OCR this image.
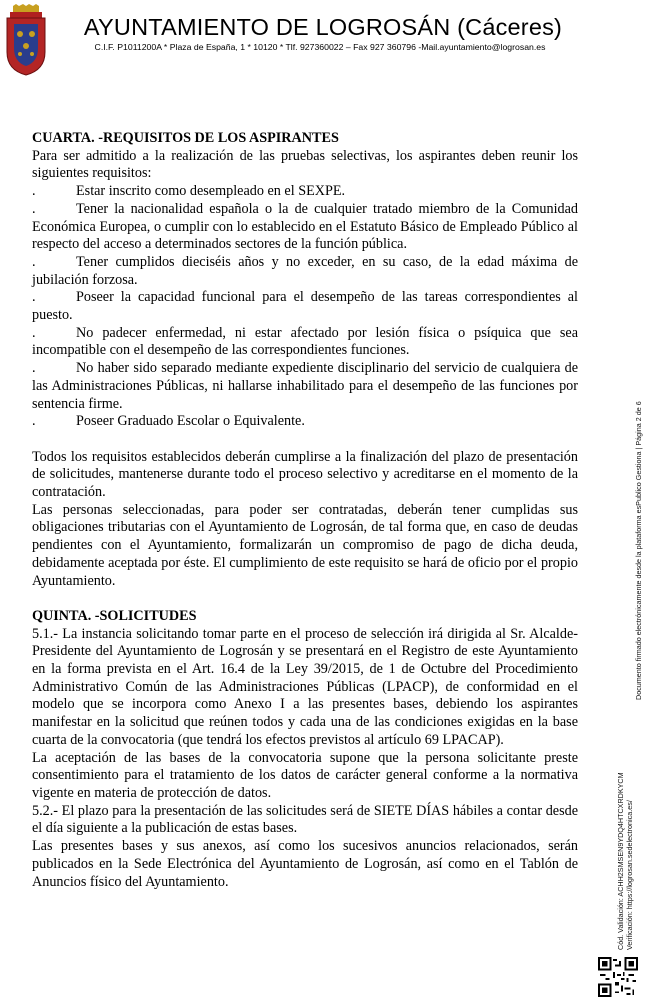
AYUNTAMIENTO DE LOGROSÁN (Cáceres)
C.I.F. P1011200A * Plaza de España, 1 * 10120 * Tlf. 927360022 – Fax 927 360796 -Mail.ayuntamiento@logrosan.es

CUARTA. -REQUISITOS DE LOS ASPIRANTES

Para ser admitido a la realización de las pruebas selectivas, los aspirantes deben reunir los siguientes requisitos:

.	Estar inscrito como desempleado en el SEXPE.

.	Tener la nacionalidad española o la de cualquier tratado miembro de la Comunidad Económica Europea, o cumplir con lo establecido en el Estatuto Básico de Empleado Público al respecto del acceso a determinados sectores de la función pública.

.	Tener cumplidos dieciséis años y no exceder, en su caso, de la edad máxima de jubilación forzosa.

.	Poseer la capacidad funcional para el desempeño de las tareas correspondientes al puesto.

.	No padecer enfermedad, ni estar afectado por lesión física o psíquica que sea incompatible con el desempeño de las correspondientes funciones.

.	No haber sido separado mediante expediente disciplinario del servicio de cualquiera de las Administraciones Públicas, ni hallarse inhabilitado para el desempeño de las funciones por sentencia firme.

.	Poseer Graduado Escolar o Equivalente.

Todos los requisitos establecidos deberán cumplirse a la finalización del plazo de presentación de solicitudes, mantenerse durante todo el proceso selectivo y acreditarse en el momento de la contratación.

Las personas seleccionadas, para poder ser contratadas, deberán tener cumplidas sus obligaciones tributarias con el Ayuntamiento de Logrosán, de tal forma que, en caso de deudas pendientes con el Ayuntamiento, formalizarán un compromiso de pago de dicha deuda, debidamente aceptada por éste. El cumplimiento de este requisito se hará de oficio por el propio Ayuntamiento.

QUINTA. -SOLICITUDES

5.1.- La instancia solicitando tomar parte en el proceso de selección irá dirigida al Sr. Alcalde-Presidente del Ayuntamiento de Logrosán y se presentará en el Registro de este Ayuntamiento en la forma prevista en el Art. 16.4 de la Ley 39/2015, de 1 de Octubre del Procedimiento Administrativo Común de las Administraciones Públicas (LPACP), de conformidad en el modelo que se incorpora como Anexo I a las presentes bases, debiendo los aspirantes manifestar en la solicitud que reúnen todos y cada una de las condiciones exigidas en la base cuarta de la convocatoria (que tendrá los efectos previstos al artículo 69 LPACAP).

La aceptación de las bases de la convocatoria supone que la persona solicitante preste consentimiento para el tratamiento de los datos de carácter general conforme a la normativa vigente en materia de protección de datos.

5.2.- El plazo para la presentación de las solicitudes será de SIETE DÍAS hábiles a contar desde el día siguiente a la publicación de estas bases.

Las presentes bases y sus anexos, así como los sucesivos anuncios relacionados, serán publicados en la Sede Electrónica del Ayuntamiento de Logrosán, así como en el Tablón de Anuncios físico del Ayuntamiento.	Cód. Validación: ACHH2SMSEN9YDQ4HTCXRDKYCM Verificación: https://logrosan.sedelectronica.es/
Documento firmado electrónicamente desde la plataforma esPublico Gestiona | Página 2 de 6
